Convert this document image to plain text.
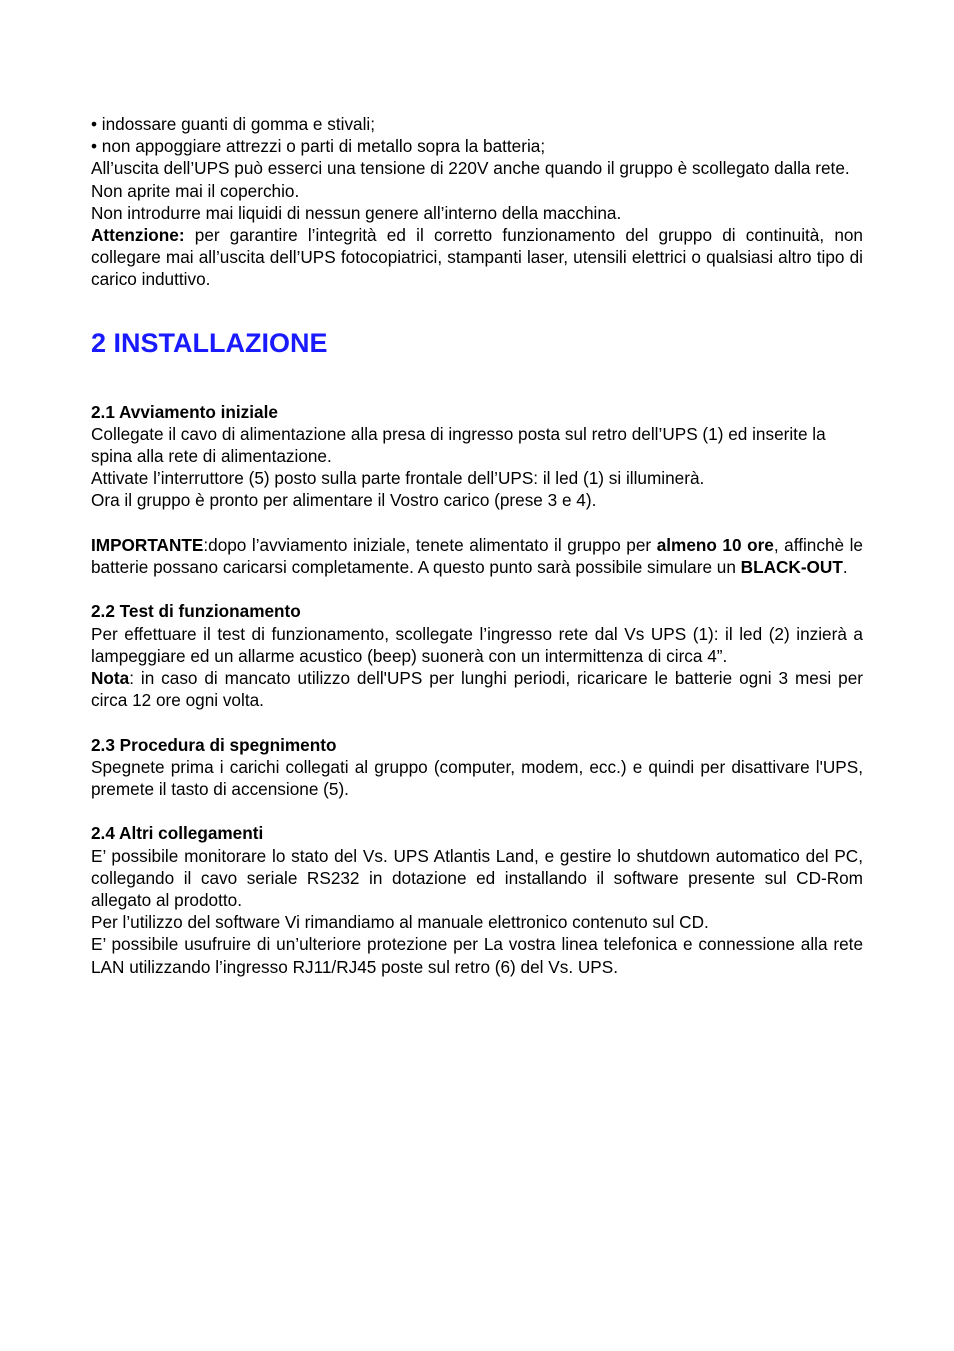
• indossare guanti di gomma e stivali;

• non appoggiare attrezzi o parti di metallo sopra la batteria;

All’uscita dell’UPS può esserci una tensione di 220V anche quando il gruppo è scollegato dalla rete. Non aprite mai il coperchio.

Non introdurre mai liquidi di nessun genere all’interno della macchina.

Attenzione: per garantire l’integrità ed il corretto funzionamento del gruppo di continuità, non collegare mai all’uscita dell’UPS fotocopiatrici, stampanti laser, utensili elettrici o qualsiasi altro tipo di carico induttivo.

2 INSTALLAZIONE

2.1 Avviamento iniziale

Collegate il cavo di alimentazione alla presa di ingresso posta sul retro dell’UPS (1) ed inserite la spina alla rete di alimentazione.

Attivate l’interruttore (5) posto sulla parte frontale dell’UPS: il led (1) si illuminerà.

Ora il gruppo è pronto per alimentare il Vostro carico (prese 3 e 4).

IMPORTANTE:dopo l’avviamento iniziale, tenete alimentato il gruppo per almeno 10 ore, affinchè le batterie possano caricarsi completamente. A questo punto sarà possibile simulare un BLACK-OUT.

2.2 Test di funzionamento

Per effettuare il test di funzionamento, scollegate l’ingresso rete dal Vs UPS (1): il led (2) inzierà a lampeggiare ed un allarme acustico (beep) suonerà con un intermittenza di circa 4”.

Nota: in caso di mancato utilizzo dell'UPS per lunghi periodi, ricaricare le batterie ogni 3 mesi per circa 12 ore ogni volta.

2.3 Procedura di spegnimento

Spegnete prima i carichi collegati al gruppo (computer, modem, ecc.) e quindi per disattivare l'UPS, premete il tasto di accensione (5).

2.4 Altri collegamenti

E’ possibile monitorare lo stato del Vs. UPS Atlantis Land, e gestire lo shutdown automatico del PC, collegando il cavo seriale RS232 in dotazione ed installando il software presente sul CD-Rom allegato al prodotto.

Per l’utilizzo del software Vi rimandiamo al manuale elettronico contenuto sul CD.

E’ possibile usufruire di un’ulteriore protezione per La vostra linea telefonica e connessione alla rete LAN utilizzando l’ingresso RJ11/RJ45 poste sul retro (6) del Vs. UPS.
